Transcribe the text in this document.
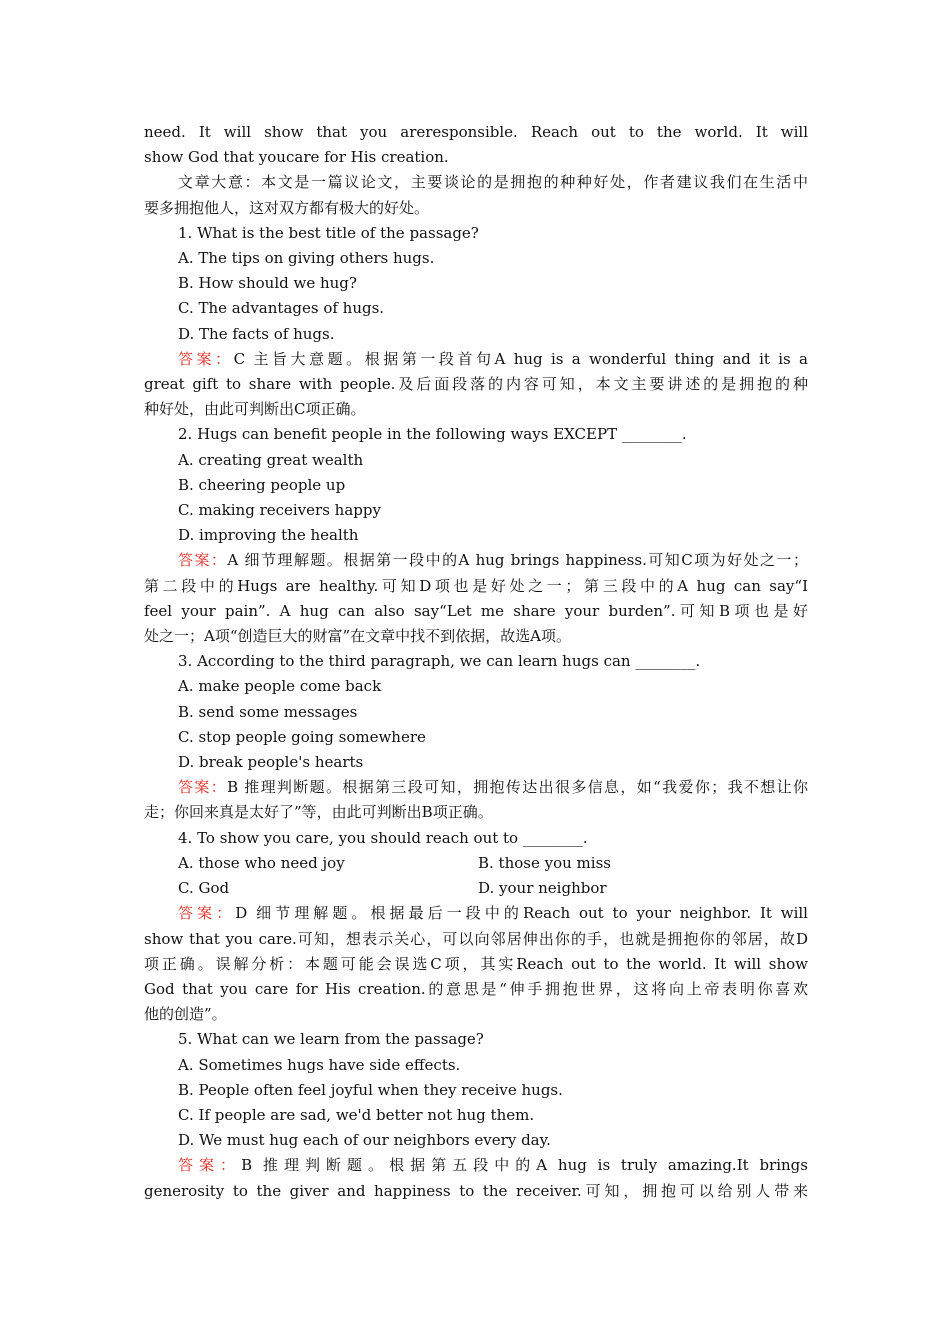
need. It will show that you areresponsible. Reach out to the world. It will

show God that youcare for His creation.

文章大意：本文是一篇议论文，主要谈论的是拥抱的种种好处，作者建议我们在生活中

要多拥抱他人，这对双方都有极大的好处。

1. What is the best title of the passage?

A. The tips on giving others hugs.

B. How should we hug?

C. The advantages of hugs.

D. The facts of hugs.

答案：C 主旨大意题。根据第一段首句A hug is a wonderful thing and it is a

great gift to share with people.及后面段落的内容可知，本文主要讲述的是拥抱的种

种好处，由此可判断出C项正确。

2. Hugs can benefit people in the following ways EXCEPT ________.

A. creating great wealth

B. cheering people up

C. making receivers happy

D. improving the health

答案：A 细节理解题。根据第一段中的A hug brings happiness.可知C项为好处之一；

第二段中的Hugs are healthy.可知D项也是好处之一；第三段中的A hug can say“I

feel your pain”. A hug can also say“Let me share your burden”.可知B项也是好

处之一；A项“创造巨大的财富”在文章中找不到依据，故选A项。

3. According to the third paragraph, we can learn hugs can ________.

A. make people come back

B. send some messages

C. stop people going somewhere

D. break people's hearts

答案：B 推理判断题。根据第三段可知，拥抱传达出很多信息，如“我爱你；我不想让你

走；你回来真是太好了”等，由此可判断出B项正确。

4. To show you care, you should reach out to ________.

A. those who need joy	B. those you miss
C. God	D. your neighbor

答案：D 细节理解题。根据最后一段中的Reach out to your neighbor. It will

show that you care.可知，想表示关心，可以向邻居伸出你的手，也就是拥抱你的邻居，故D

项正确。误解分析：本题可能会误选C项，其实Reach out to the world. It will show

God that you care for His creation.的意思是“伸手拥抱世界，这将向上帝表明你喜欢

他的创造”。

5. What can we learn from the passage?

A. Sometimes hugs have side effects.

B. People often feel joyful when they receive hugs.

C. If people are sad, we'd better not hug them.

D. We must hug each of our neighbors every day.

答案：B 推理判断题。根据第五段中的A hug is truly amazing.It brings

generosity to the giver and happiness to the receiver.可知，拥抱可以给别人带来
